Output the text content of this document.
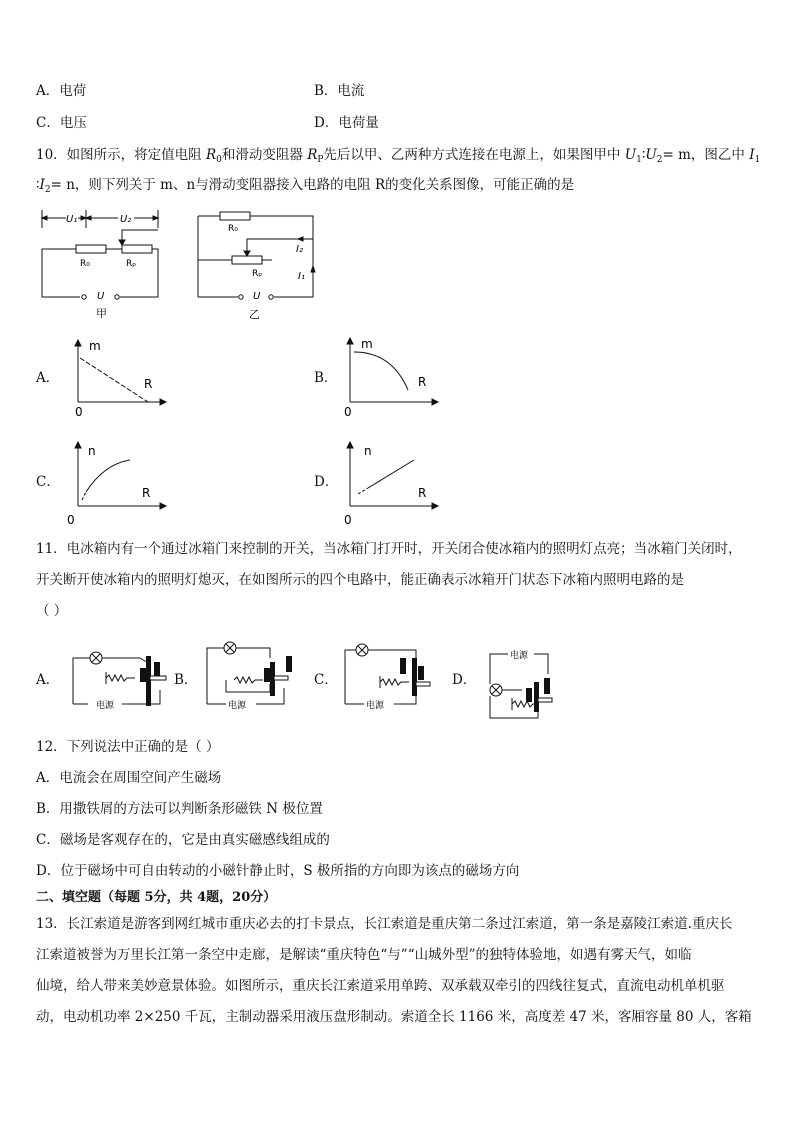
A．电荷	B．电流
C．电压	D．电荷量
10．如图所示，将定值电阻 $R_0$和滑动变阻器 $R_P$先后以甲、乙两种方式连接在电源上，如果图甲中 $U_1∶U_2= m$，图乙中 $I_1$
$∶I_2= n$，则下列关于 m、n与滑动变阻器接入电路的电阻 R的变化关系图像，可能正确的是
U₁	U₂
R₀	Rₚ
U
甲
R₀
I₂
Rₚ	I₁
U
乙
A．
m
R
0
B．
m
R
0
C．
n
R
0
D．
n
R
0
11．电冰箱内有一个通过冰箱门来控制的开关，当冰箱门打开时，开关闭合使冰箱内的照明灯点亮；当冰箱门关闭时，
开关断开使冰箱内的照明灯熄灭，在如图所示的四个电路中，能正确表示冰箱开门状态下冰箱内照明电路的是
（ ）
A．
电源
B．
电源
C．
电源
D．
电源
12．下列说法中正确的是（ ）
A．电流会在周围空间产生磁场
B．用撒铁屑的方法可以判断条形磁铁 N 极位置
C．磁场是客观存在的，它是由真实磁感线组成的
D．位于磁场中可自由转动的小磁针静止时，S 极所指的方向即为该点的磁场方向
二、填空题（每题 5分，共 4题，20分）
13．长江索道是游客到网红城市重庆必去的打卡景点，长江索道是重庆第二条过江索道，第一条是嘉陵江索道.重庆长
江索道被誉为万里长江第一条空中走廊，是解读“重庆特色“与”“山城外型”的独特体验地，如遇有雾天气，如临
仙境，给人带来美妙意景体验。如图所示，重庆长江索道采用单跨、双承载双牵引的四线往复式，直流电动机单机驱
动，电动机功率 2×250 千瓦，主制动器采用液压盘形制动。索道全长 1166 米，高度差 47 米，客厢容量 80 人，客箱
